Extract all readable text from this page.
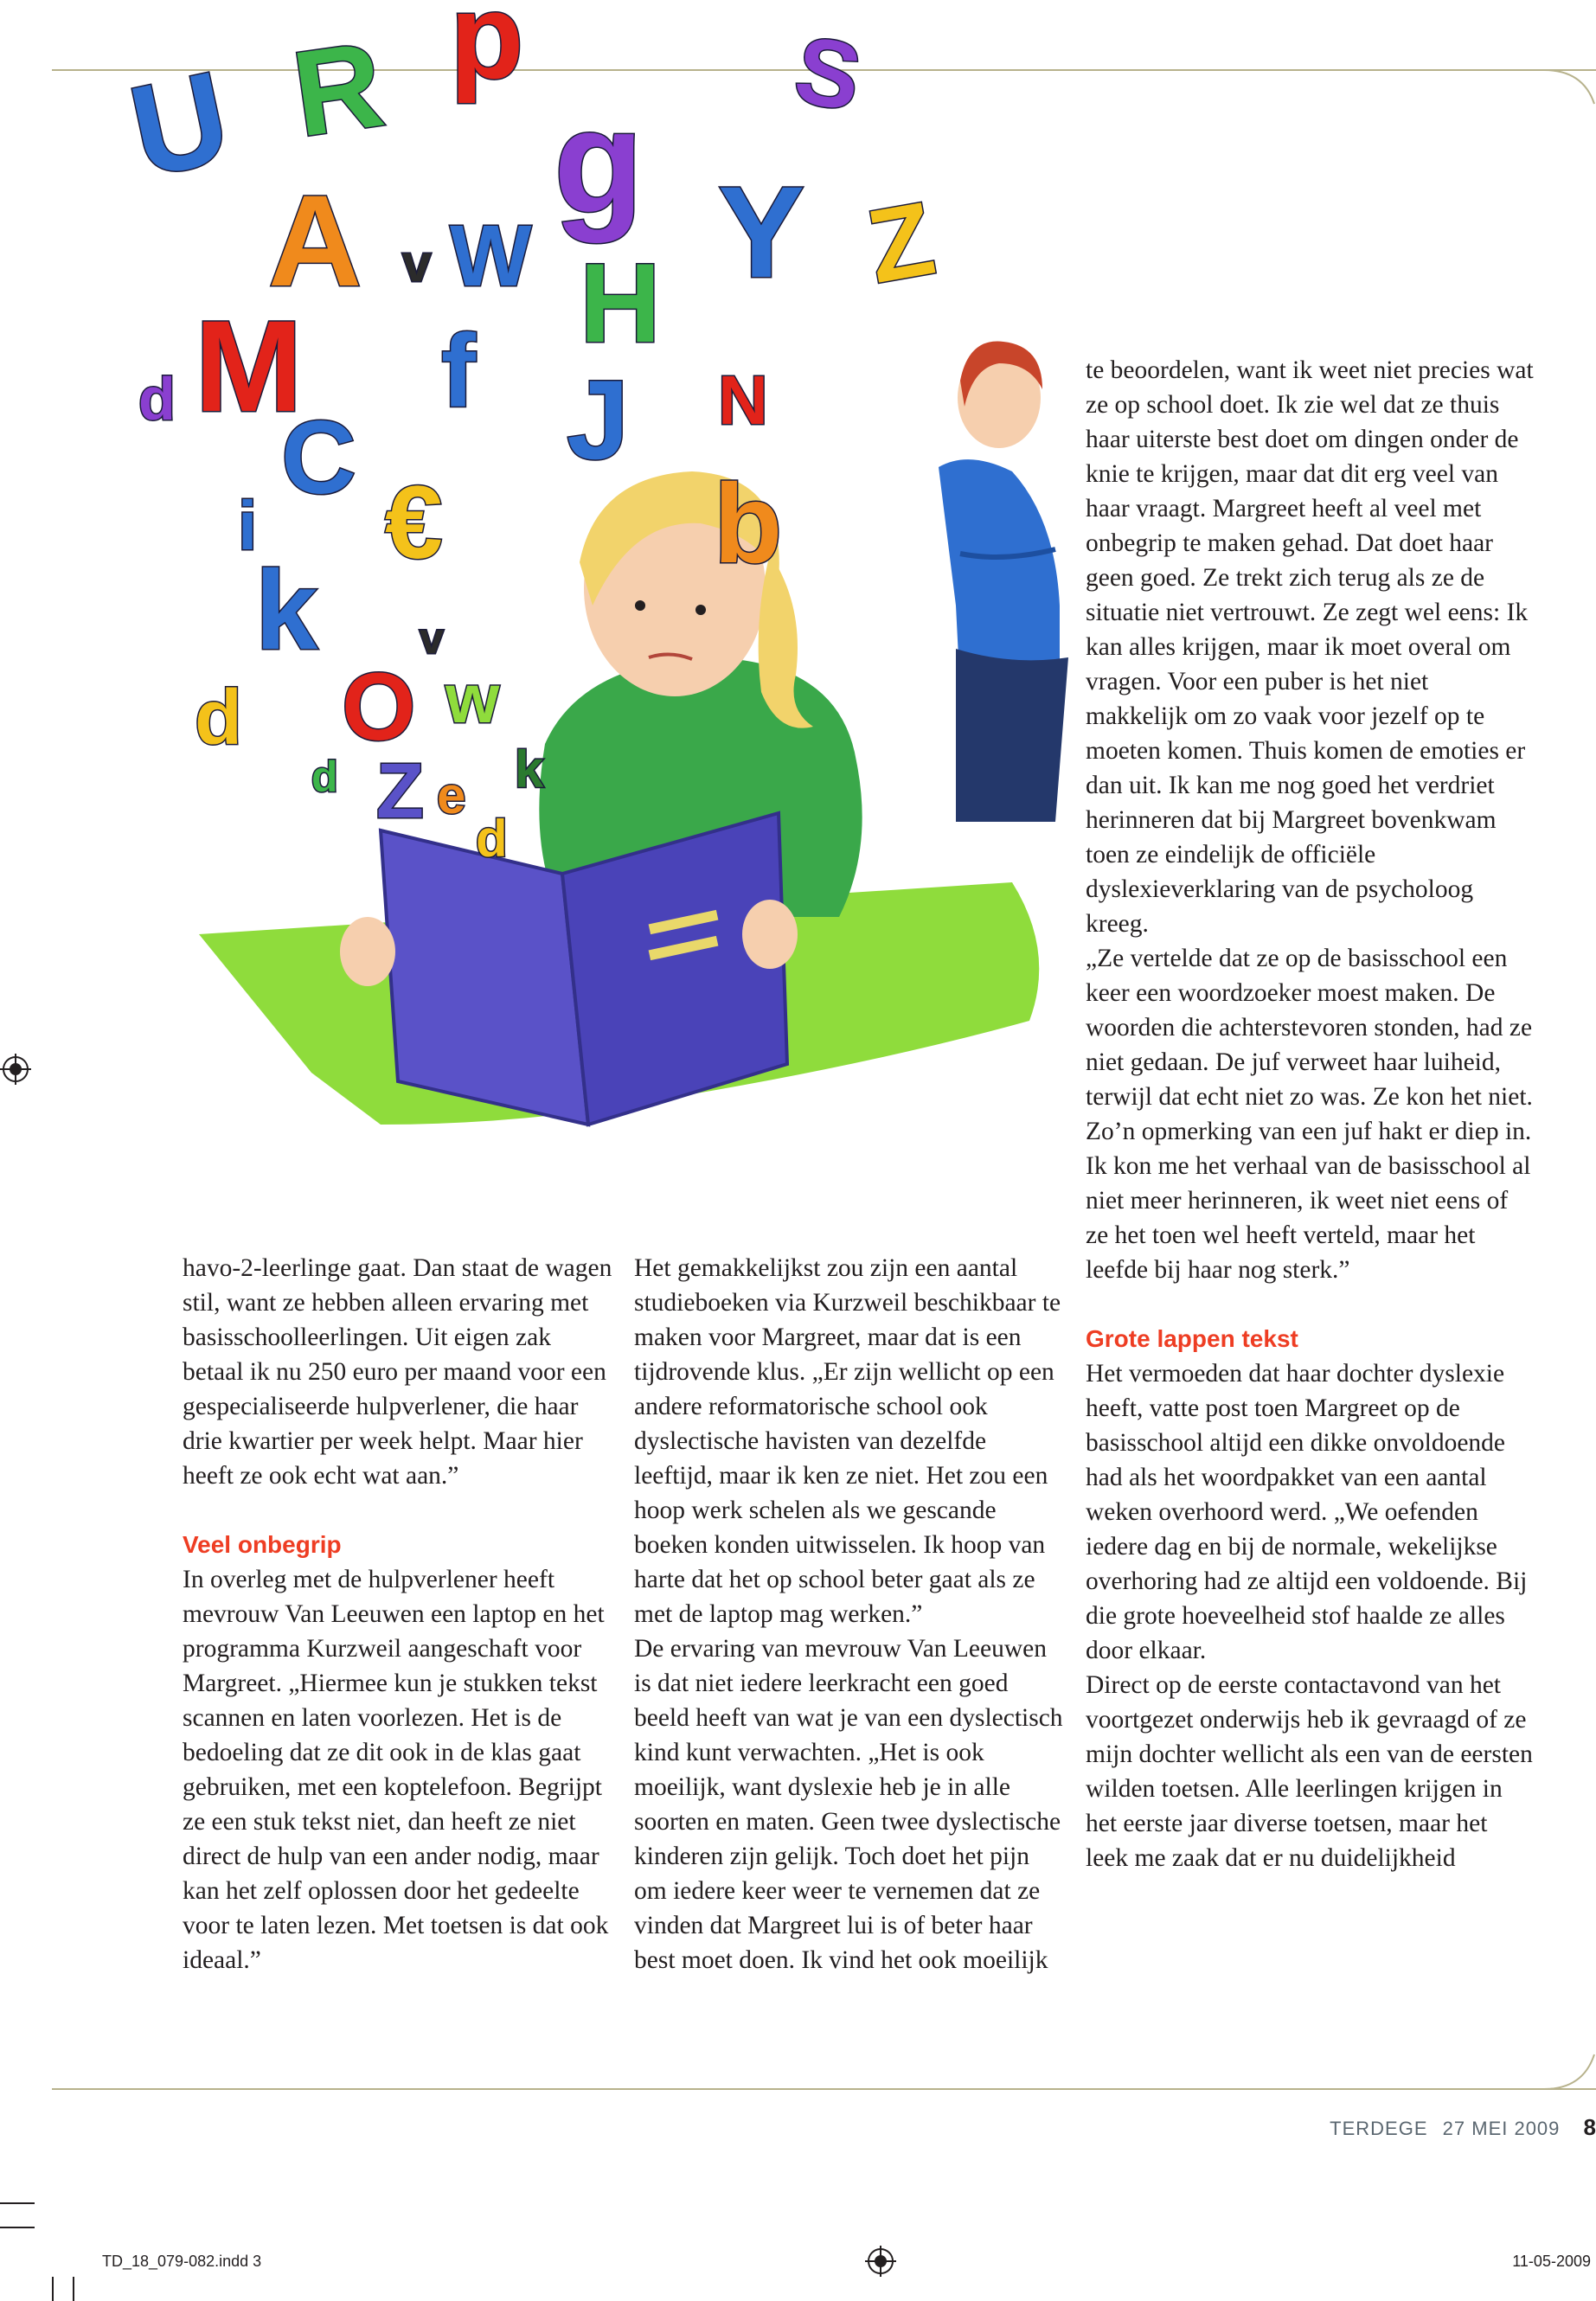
U R p	S
g
A v W Y Z
H
d M f J N
C
i € b
k v
d O w
d Z e k
d

havo-2-leerlinge gaat. Dan staat de wagen stil, want ze hebben alleen ervaring met basisschoolleerlingen. Uit eigen zak betaal ik nu 250 euro per maand voor een gespecialiseerde hulpverlener, die haar drie kwartier per week helpt. Maar hier heeft ze ook echt wat aan.”

Veel onbegrip

In overleg met de hulpverlener heeft mevrouw Van Leeuwen een laptop en het programma Kurzweil aangeschaft voor Margreet. „Hiermee kun je stukken tekst scannen en laten voorlezen. Het is de bedoeling dat ze dit ook in de klas gaat gebruiken, met een koptelefoon. Begrijpt ze een stuk tekst niet, dan heeft ze niet direct de hulp van een ander nodig, maar kan het zelf oplossen door het gedeelte voor te laten lezen. Met toetsen is dat ook ideaal.”

Het gemakkelijkst zou zijn een aantal studieboeken via Kurzweil beschikbaar te maken voor Margreet, maar dat is een tijdrovende klus. „Er zijn wellicht op een andere reformatorische school ook dyslectische havisten van dezelfde leeftijd, maar ik ken ze niet. Het zou een hoop werk schelen als we gescande boeken konden uitwisselen. Ik hoop van harte dat het op school beter gaat als ze met de laptop mag werken.”

De ervaring van mevrouw Van Leeuwen is dat niet iedere leerkracht een goed beeld heeft van wat je van een dyslectisch kind kunt verwachten. „Het is ook moeilijk, want dyslexie heb je in alle soorten en maten. Geen twee dyslectische kinderen zijn gelijk. Toch doet het pijn om iedere keer weer te vernemen dat ze vinden dat Margreet lui is of beter haar best moet doen. Ik vind het ook moeilijk

te beoordelen, want ik weet niet precies wat ze op school doet. Ik zie wel dat ze thuis haar uiterste best doet om dingen onder de knie te krijgen, maar dat dit erg veel van haar vraagt. Margreet heeft al veel met onbegrip te maken gehad. Dat doet haar geen goed. Ze trekt zich terug als ze de situatie niet vertrouwt. Ze zegt wel eens: Ik kan alles krijgen, maar ik moet overal om vragen. Voor een puber is het niet makkelijk om zo vaak voor jezelf op te moeten komen. Thuis komen de emoties er dan uit. Ik kan me nog goed het verdriet herinneren dat bij Margreet bovenkwam toen ze eindelijk de officiële dyslexieverklaring van de psycholoog kreeg.

„Ze vertelde dat ze op de basisschool een keer een woordzoeker moest maken. De woorden die achterstevoren stonden, had ze niet gedaan. De juf verweet haar luiheid, terwijl dat echt niet zo was. Ze kon het niet. Zo’n opmerking van een juf hakt er diep in. Ik kon me het verhaal van de basisschool al niet meer herinneren, ik weet niet eens of ze het toen wel heeft verteld, maar het leefde bij haar nog sterk.”

Grote lappen tekst

Het vermoeden dat haar dochter dyslexie heeft, vatte post toen Margreet op de basisschool altijd een dikke onvoldoende had als het woordpakket van een aantal weken overhoord werd. „We oefenden iedere dag en bij de normale, wekelijkse overhoring had ze altijd een voldoende. Bij die grote hoeveelheid stof haalde ze alles door elkaar.

Direct op de eerste contactavond van het voortgezet onderwijs heb ik gevraagd of ze mijn dochter wellicht als een van de eersten wilden toetsen. Alle leerlingen krijgen in het eerste jaar diverse toetsen, maar het leek me zaak dat er nu duidelijkheid

TERDEGE 27 MEI 2009 8
TD_18_079-082.indd 3	11-05-2009
